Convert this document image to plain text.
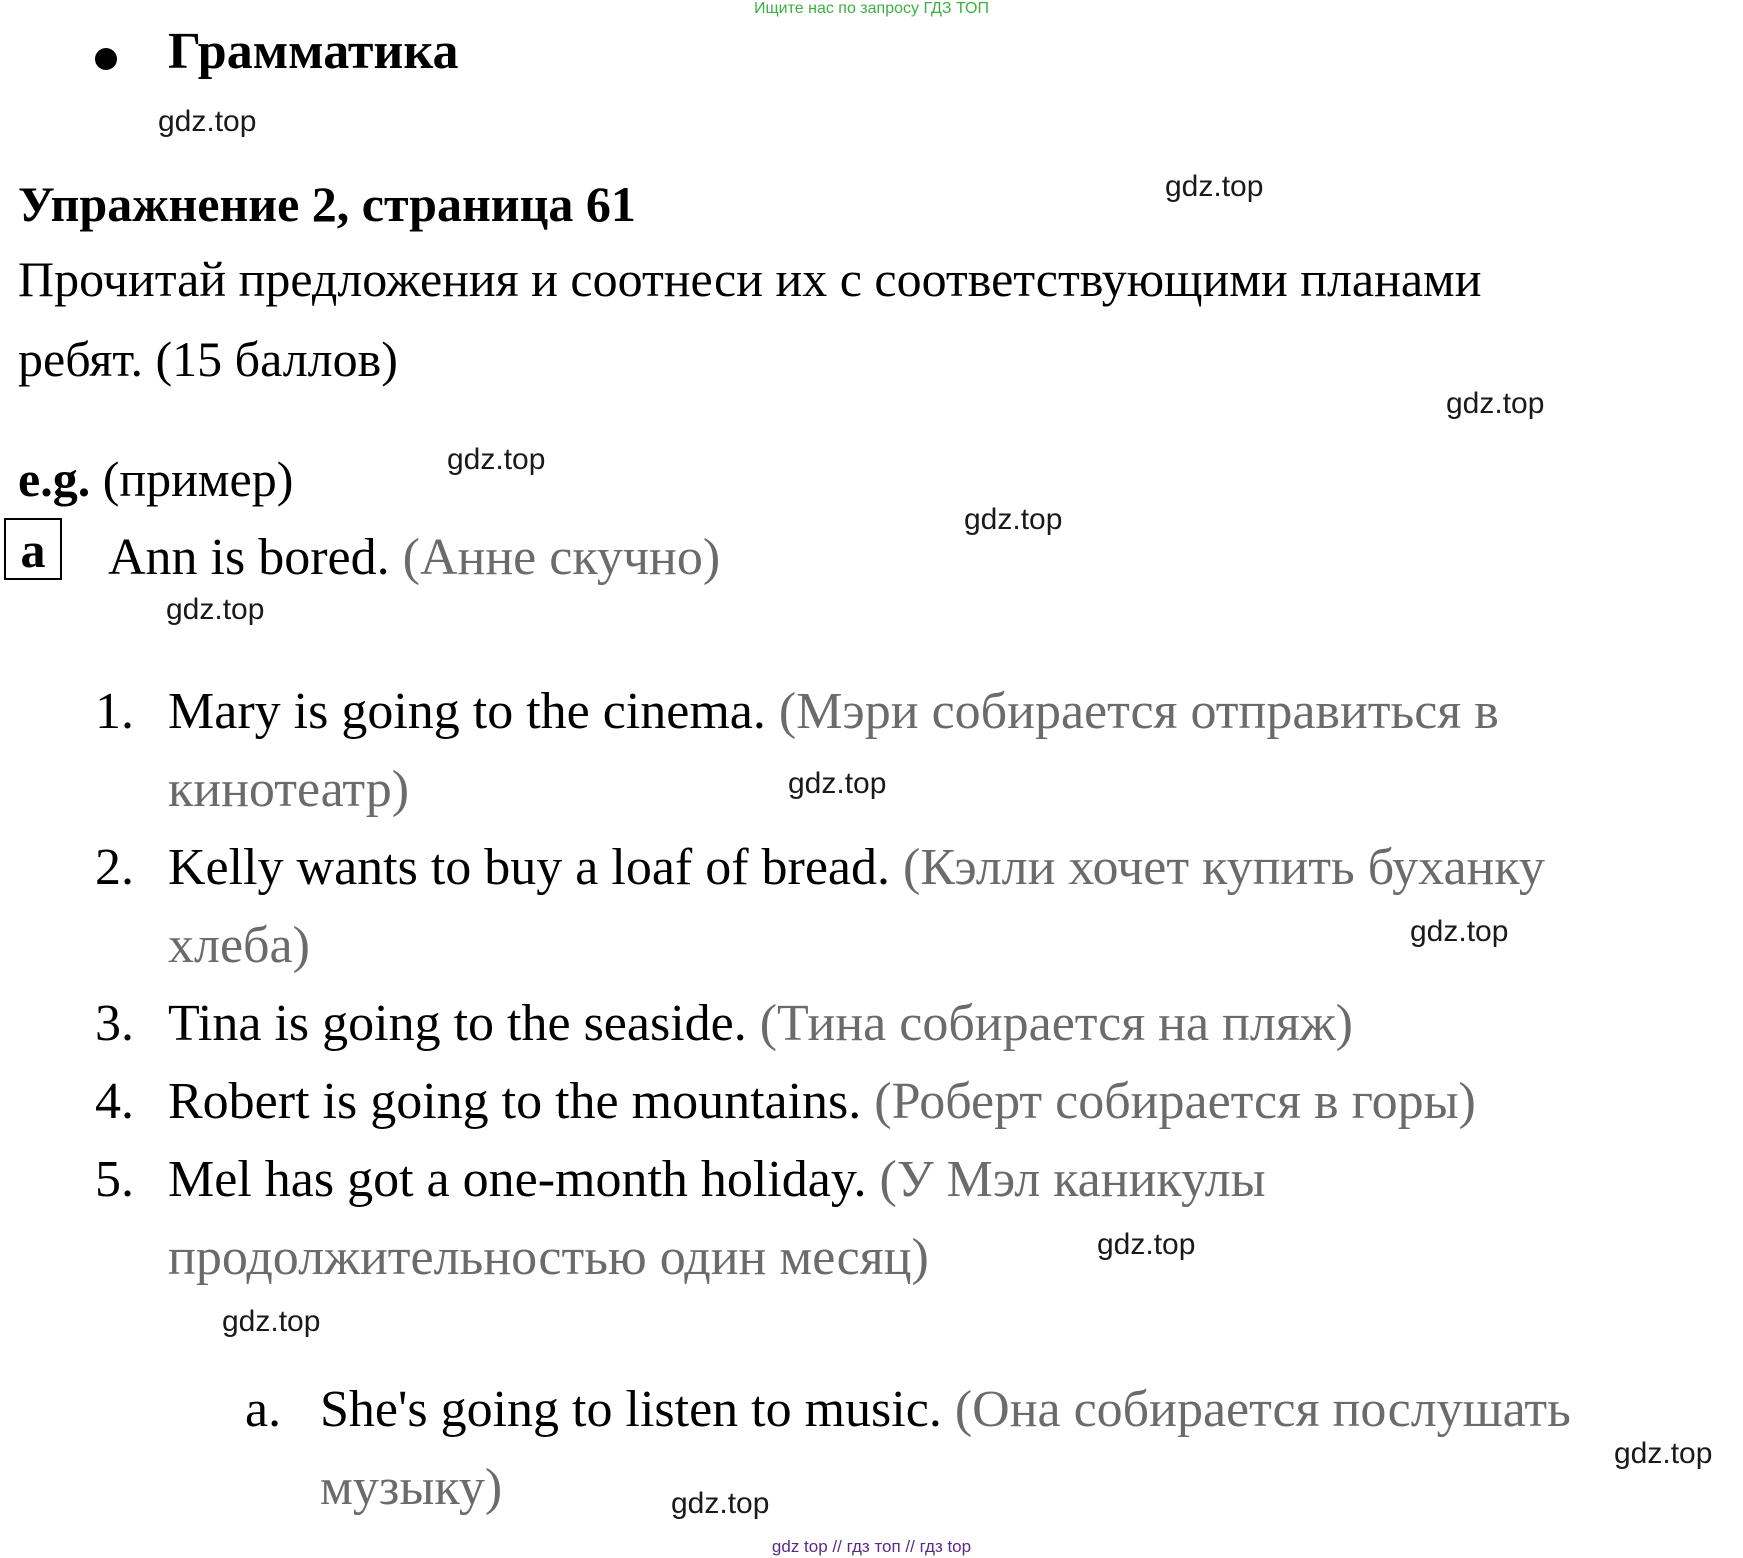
Ищите нас по запросу ГДЗ ТОП
Грамматика
Упражнение 2, страница 61
Прочитай предложения и соотнеси их с соответствующими планами
ребят. (15 баллов)
e.g. (пример)
a	Ann is bored. (Анне скучно)
1. Mary is going to the cinema. (Мэри собирается отправиться в
кинотеатр)
2. Kelly wants to buy a loaf of bread. (Кэлли хочет купить буханку
хлеба)
3. Tina is going to the seaside. (Тина собирается на пляж)
4. Robert is going to the mountains. (Роберт собирается в горы)
5. Mel has got a one-month holiday. (У Мэл каникулы
продолжительностью один месяц)
a. She's going to listen to music. (Она собирается послушать
музыку)
gdz.top
gdz.top
gdz.top
gdz.top
gdz.top
gdz.top
gdz.top
gdz.top
gdz.top
gdz.top
gdz.top
gdz.top
gdz top // гдз топ // гдз top
